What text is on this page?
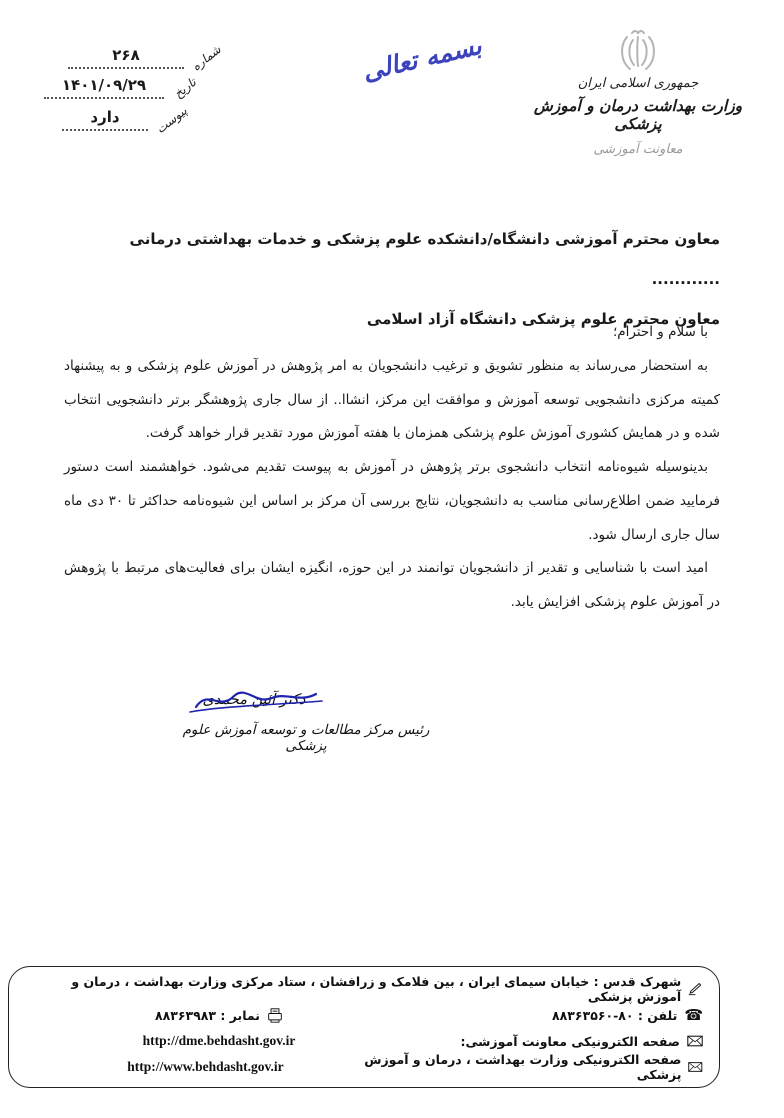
شماره
۲۶۸
تاریخ
۱۴۰۱/۰۹/۲۹
پیوست
دارد
بسمه تعالی	جمهوری اسلامی ایران
وزارت بهداشت درمان و آموزش پزشکی
معاونت آموزشی
معاون محترم آموزشی دانشگاه/دانشکده علوم پزشکی و خدمات بهداشتی درمانی ............
معاون محترم علوم پزشکی دانشگاه آزاد اسلامی

با سلام و احترام؛

به استحضار می‌رساند به منظور تشویق و ترغیب دانشجویان به امر پژوهش در آموزش علوم پزشکی و به پیشنهاد کمیته مرکزی دانشجویی توسعه آموزش و موافقت این مرکز، انشاا.. از سال جاری پژوهشگر برتر دانشجویی انتخاب شده و در همایش کشوری آموزش علوم پزشکی همزمان با هفته آموزش مورد تقدیر قرار خواهد گرفت.

بدینوسیله شیوه‌نامه انتخاب دانشجوی برتر پژوهش در آموزش به پیوست تقدیم می‌شود. خواهشمند است دستور فرمایید ضمن اطلاع‌رسانی مناسب به دانشجویان، نتایج بررسی آن مرکز بر اساس این شیوه‌نامه حداکثر تا ۳۰ دی ماه سال جاری ارسال شود.

امید است با شناسایی و تقدیر از دانشجویان توانمند در این حوزه، انگیزه ایشان برای فعالیت‌های مرتبط با پژوهش در آموزش علوم پزشکی افزایش یابد.

دکتر آئین محمدی
رئیس مرکز مطالعات و توسعه آموزش علوم پزشکی
شهرک قدس : خیابان سیمای ایران ، بین فلامک و زرافشان ، ستاد مرکزی وزارت بهداشت ، درمان و آموزش پزشکی
☎
تلفن : ۸۰-۸۸۳۶۳۵۶۰
نمابر : ۸۸۳۶۳۹۸۳
صفحه الکترونیکی معاونت آموزشی:
http://dme.behdasht.gov.ir
صفحه الکترونیکی وزارت بهداشت ، درمان و آموزش پزشکی
http://www.behdasht.gov.ir
